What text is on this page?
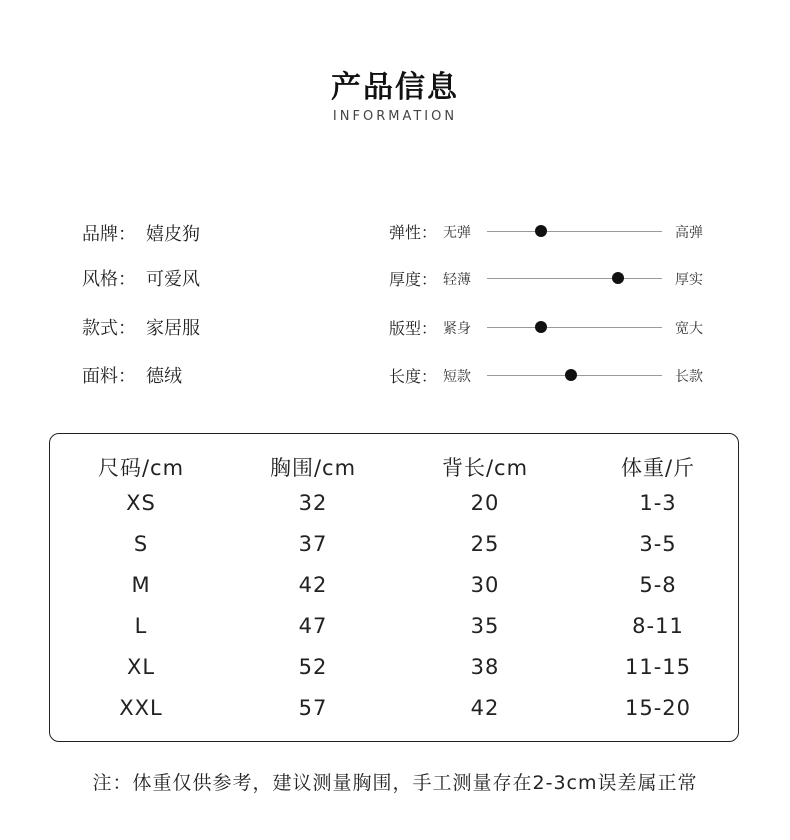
产品信息
INFORMATION
品牌： 嬉皮狗
风格： 可爱风
款式： 家居服
面料： 德绒
弹性： 无弹	高弹
厚度： 轻薄	厚实
版型： 紧身	宽大
长度： 短款	长款
尺码/cm	胸围/cm	背长/cm	体重/斤
XS	32	20	1-3
S	37	25	3-5
M	42	30	5-8
L	47	35	8-11
XL	52	38	11-15
XXL	57	42	15-20
注：体重仅供参考，建议测量胸围，手工测量存在2-3cm误差属正常
